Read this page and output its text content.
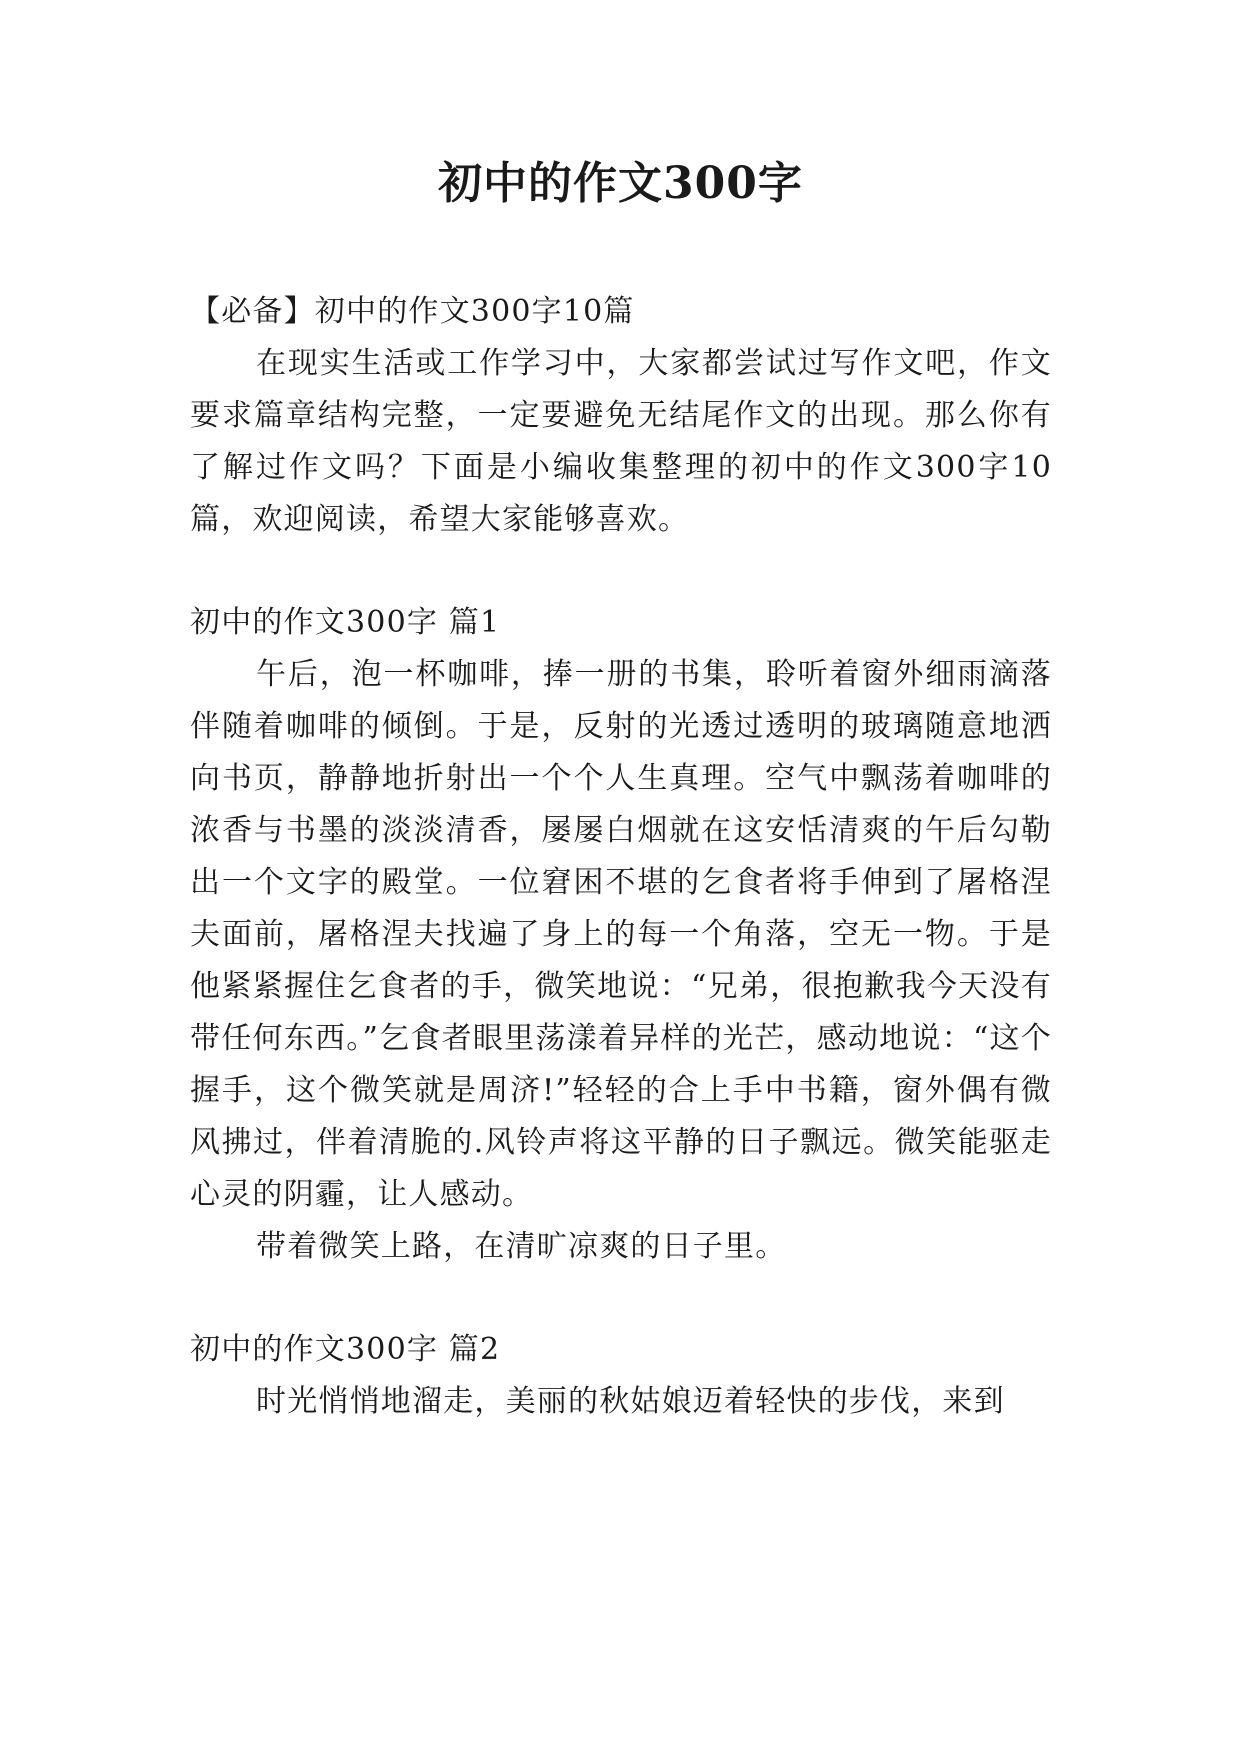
初中的作文300字
【必备】初中的作文300字10篇

在现实生活或工作学习中，大家都尝试过写作文吧，作文要求篇章结构完整，一定要避免无结尾作文的出现。那么你有了解过作文吗？下面是小编收集整理的初中的作文300字10篇，欢迎阅读，希望大家能够喜欢。

初中的作文300字 篇1

午后，泡一杯咖啡，捧一册的书集，聆听着窗外细雨滴落伴随着咖啡的倾倒。于是，反射的光透过透明的玻璃随意地洒向书页，静静地折射出一个个人生真理。空气中飘荡着咖啡的浓香与书墨的淡淡清香，屡屡白烟就在这安恬清爽的午后勾勒出一个文字的殿堂。一位窘困不堪的乞食者将手伸到了屠格涅夫面前，屠格涅夫找遍了身上的每一个角落，空无一物。于是他紧紧握住乞食者的手，微笑地说：“兄弟，很抱歉我今天没有带任何东西。”乞食者眼里荡漾着异样的光芒，感动地说：“这个握手，这个微笑就是周济!”轻轻的合上手中书籍，窗外偶有微风拂过，伴着清脆的.风铃声将这平静的日子飘远。微笑能驱走心灵的阴霾，让人感动。

带着微笑上路，在清旷凉爽的日子里。

初中的作文300字 篇2

时光悄悄地溜走，美丽的秋姑娘迈着轻快的步伐，来到
